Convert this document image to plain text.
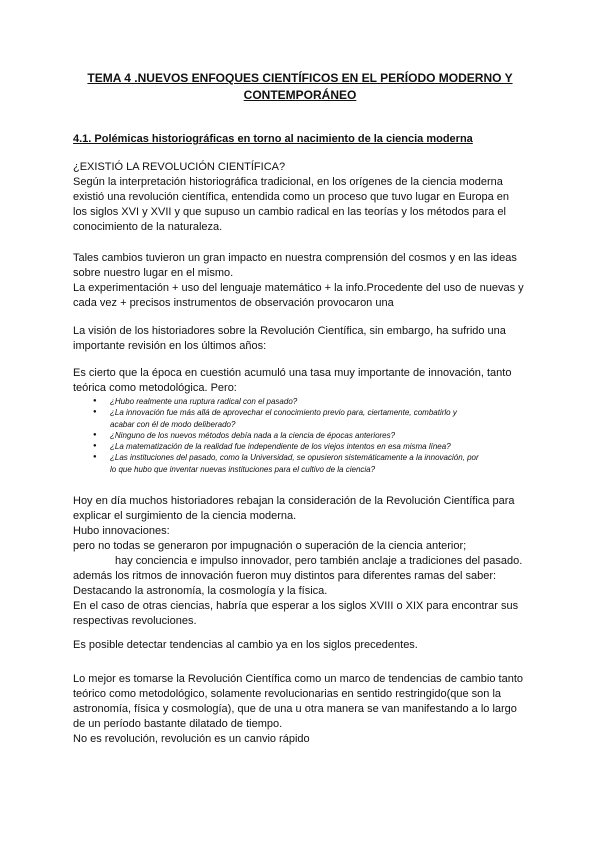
TEMA 4 .NUEVOS ENFOQUES CIENTÍFICOS EN EL PERÍODO MODERNO Y
CONTEMPORÁNEO
4.1. Polémicas historiográficas en torno al nacimiento de la ciencia moderna
¿EXISTIÓ LA REVOLUCIÓN CIENTÍFICA?
Según la interpretación historiográfica tradicional, en los orígenes de la ciencia moderna
existió una revolución científica, entendida como un proceso que tuvo lugar en Europa en
los siglos XVI y XVII y que supuso un cambio radical en las teorías y los métodos para el
conocimiento de la naturaleza.
Tales cambios tuvieron un gran impacto en nuestra comprensión del cosmos y en las ideas
sobre nuestro lugar en el mismo.
La experimentación + uso del lenguaje matemático + la info.Procedente del uso de nuevas y
cada vez + precisos instrumentos de observación provocaron una
La visión de los historiadores sobre la Revolución Científica, sin embargo, ha sufrido una
importante revisión en los últimos años:
Es cierto que la época en cuestión acumuló una tasa muy importante de innovación, tanto
teórica como metodológica. Pero:
● ¿Hubo realmente una ruptura radical con el pasado?
● ¿La innovación fue más allá de aprovechar el conocimiento previo para, ciertamente, combatirlo y
acabar con él de modo deliberado?
● ¿Ninguno de los nuevos métodos debía nada a la ciencia de épocas anteriores?
● ¿La matematización de la realidad fue independiente de los viejos intentos en esa misma línea?
● ¿Las instituciones del pasado, como la Universidad, se opusieron sistemáticamente a la innovación, por
lo que hubo que inventar nuevas instituciones para el cultivo de la ciencia?
Hoy en día muchos historiadores rebajan la consideración de la Revolución Científica para
explicar el surgimiento de la ciencia moderna.
Hubo innovaciones:
pero no todas se generaron por impugnación o superación de la ciencia anterior;
hay conciencia e impulso innovador, pero también anclaje a tradiciones del pasado.
además los ritmos de innovación fueron muy distintos para diferentes ramas del saber:
Destacando la astronomía, la cosmología y la física.
En el caso de otras ciencias, habría que esperar a los siglos XVIII o XIX para encontrar sus
respectivas revoluciones.
Es posible detectar tendencias al cambio ya en los siglos precedentes.
Lo mejor es tomarse la Revolución Científica como un marco de tendencias de cambio tanto
teórico como metodológico, solamente revolucionarias en sentido restringido(que son la
astronomía, física y cosmología), que de una u otra manera se van manifestando a lo largo
de un período bastante dilatado de tiempo.
No es revolución, revolución es un canvio rápido
